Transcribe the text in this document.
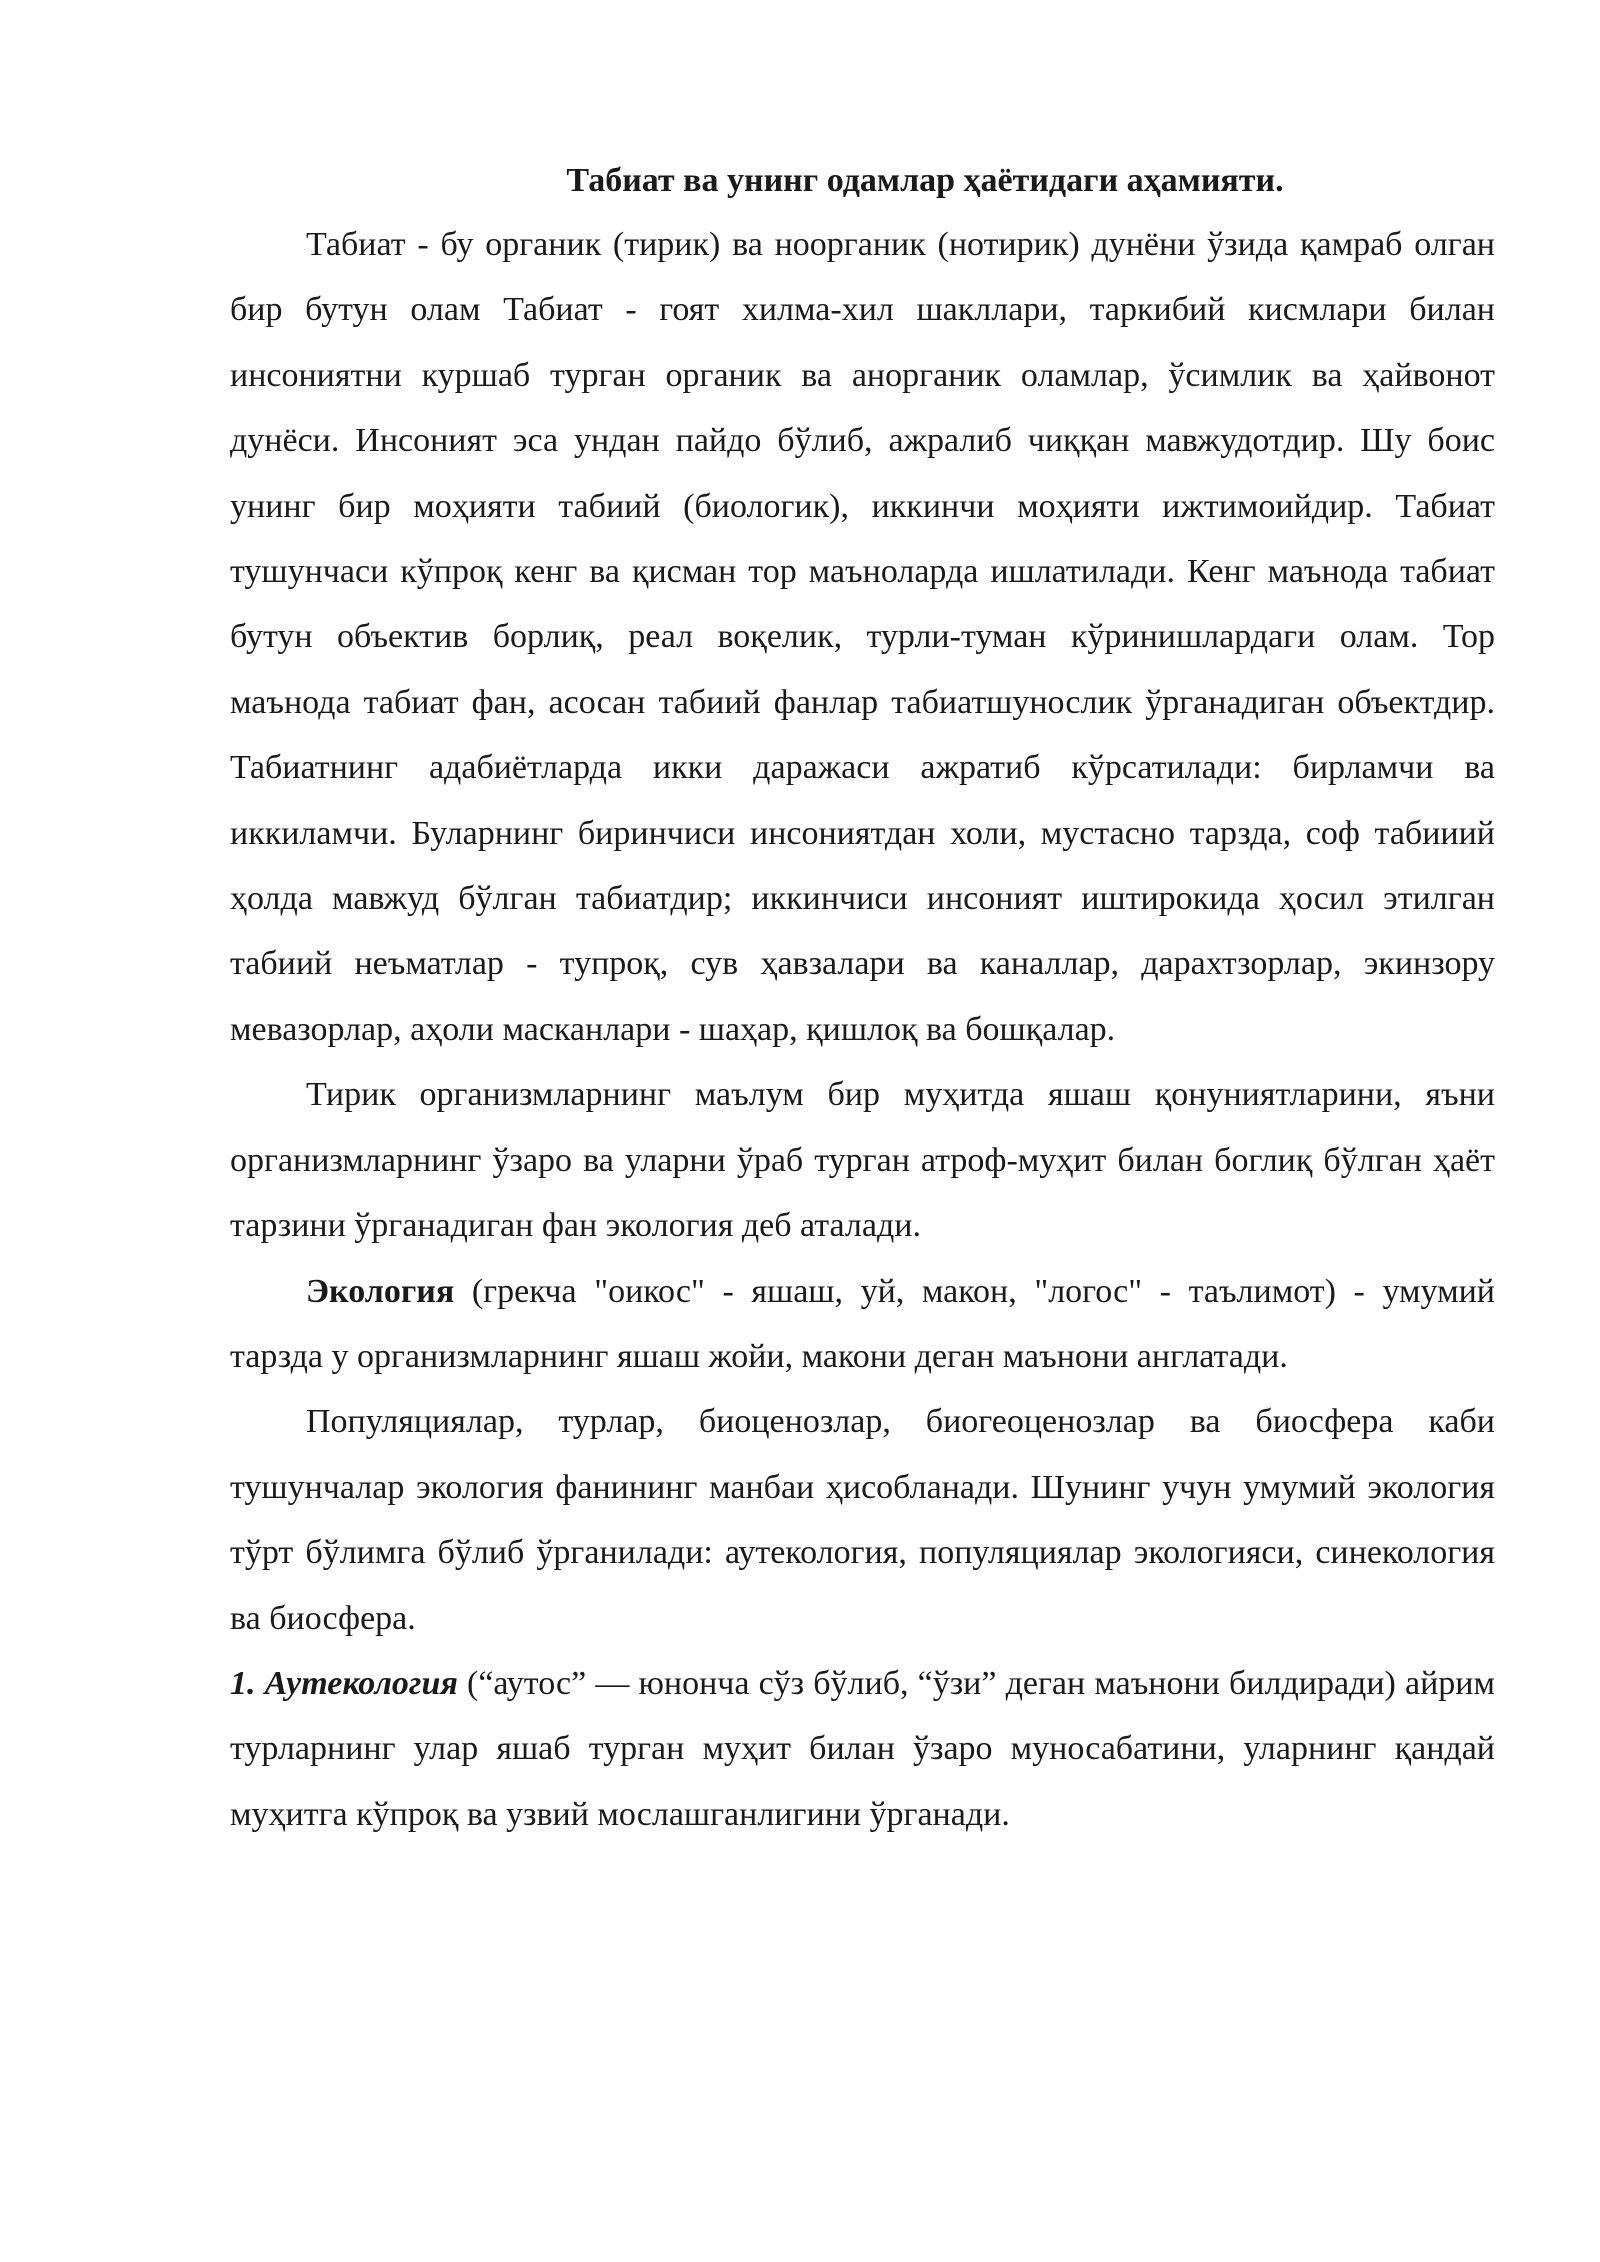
Табиат ва унинг одамлар ҳаётидаги аҳамияти.

Табиат - бу органик (тирик) ва ноорганик (нотирик) дунёни ўзида қамраб олган бир бутун олам Табиат - гоят хилма-хил шакллари, таркибий кисмлари билан инсониятни куршаб турган органик ва анорганик оламлар, ўсимлик ва ҳайвонот дунёси. Инсоният эса ундан пайдо бўлиб, ажралиб чиққан мавжудотдир. Шу боис унинг бир моҳияти табиий (биологик), иккинчи моҳияти ижтимоийдир. Табиат тушунчаси кўпроқ кенг ва қисман тор маъноларда ишлатилади. Кенг маънода табиат бутун объектив борлиқ, реал воқелик, турли-туман кўринишлардаги олам. Тор маънода табиат фан, асосан табиий фанлар табиатшунослик ўрганадиган объектдир. Табиатнинг адабиётларда икки даражаси ажратиб кўрсатилади: бирламчи ва иккиламчи. Буларнинг биринчиси инсониятдан холи, мустасно тарзда, соф табииий ҳолда мавжуд бўлган табиатдир; иккинчиси инсоният иштирокида ҳосил этилган табиий неъматлар - тупроқ, сув ҳавзалари ва каналлар, дарахтзорлар, экинзору мевазорлар, аҳоли масканлари - шаҳар, қишлоқ ва бошқалар.

Тирик организмларнинг маълум бир муҳитда яшаш қонуниятларини, яъни организмларнинг ўзаро ва уларни ўраб турган атроф-муҳит билан боглиқ бўлган ҳаёт тарзини ўрганадиган фан экология деб аталади.

Экология (грекча "оикос" - яшаш, уй, макон, "логос" - таълимот) - умумий тарзда у организмларнинг яшаш жойи, макони деган маънони англатади.

Популяциялар, турлар, биоценозлар, биогеоценозлар ва биосфера каби тушунчалар экология фанининг манбаи ҳисобланади. Шунинг учун умумий экология тўрт бўлимга бўлиб ўрганилади: аутекология, популяциялар экологияси, синекология ва биосфера.

1. Аутекология (“аутос” — юнонча сўз бўлиб, “ўзи” деган маънони билдиради) айрим турларнинг улар яшаб турган муҳит билан ўзаро муносабатини, уларнинг қандай муҳитга кўпроқ ва узвий мослашганлигини ўрганади.
